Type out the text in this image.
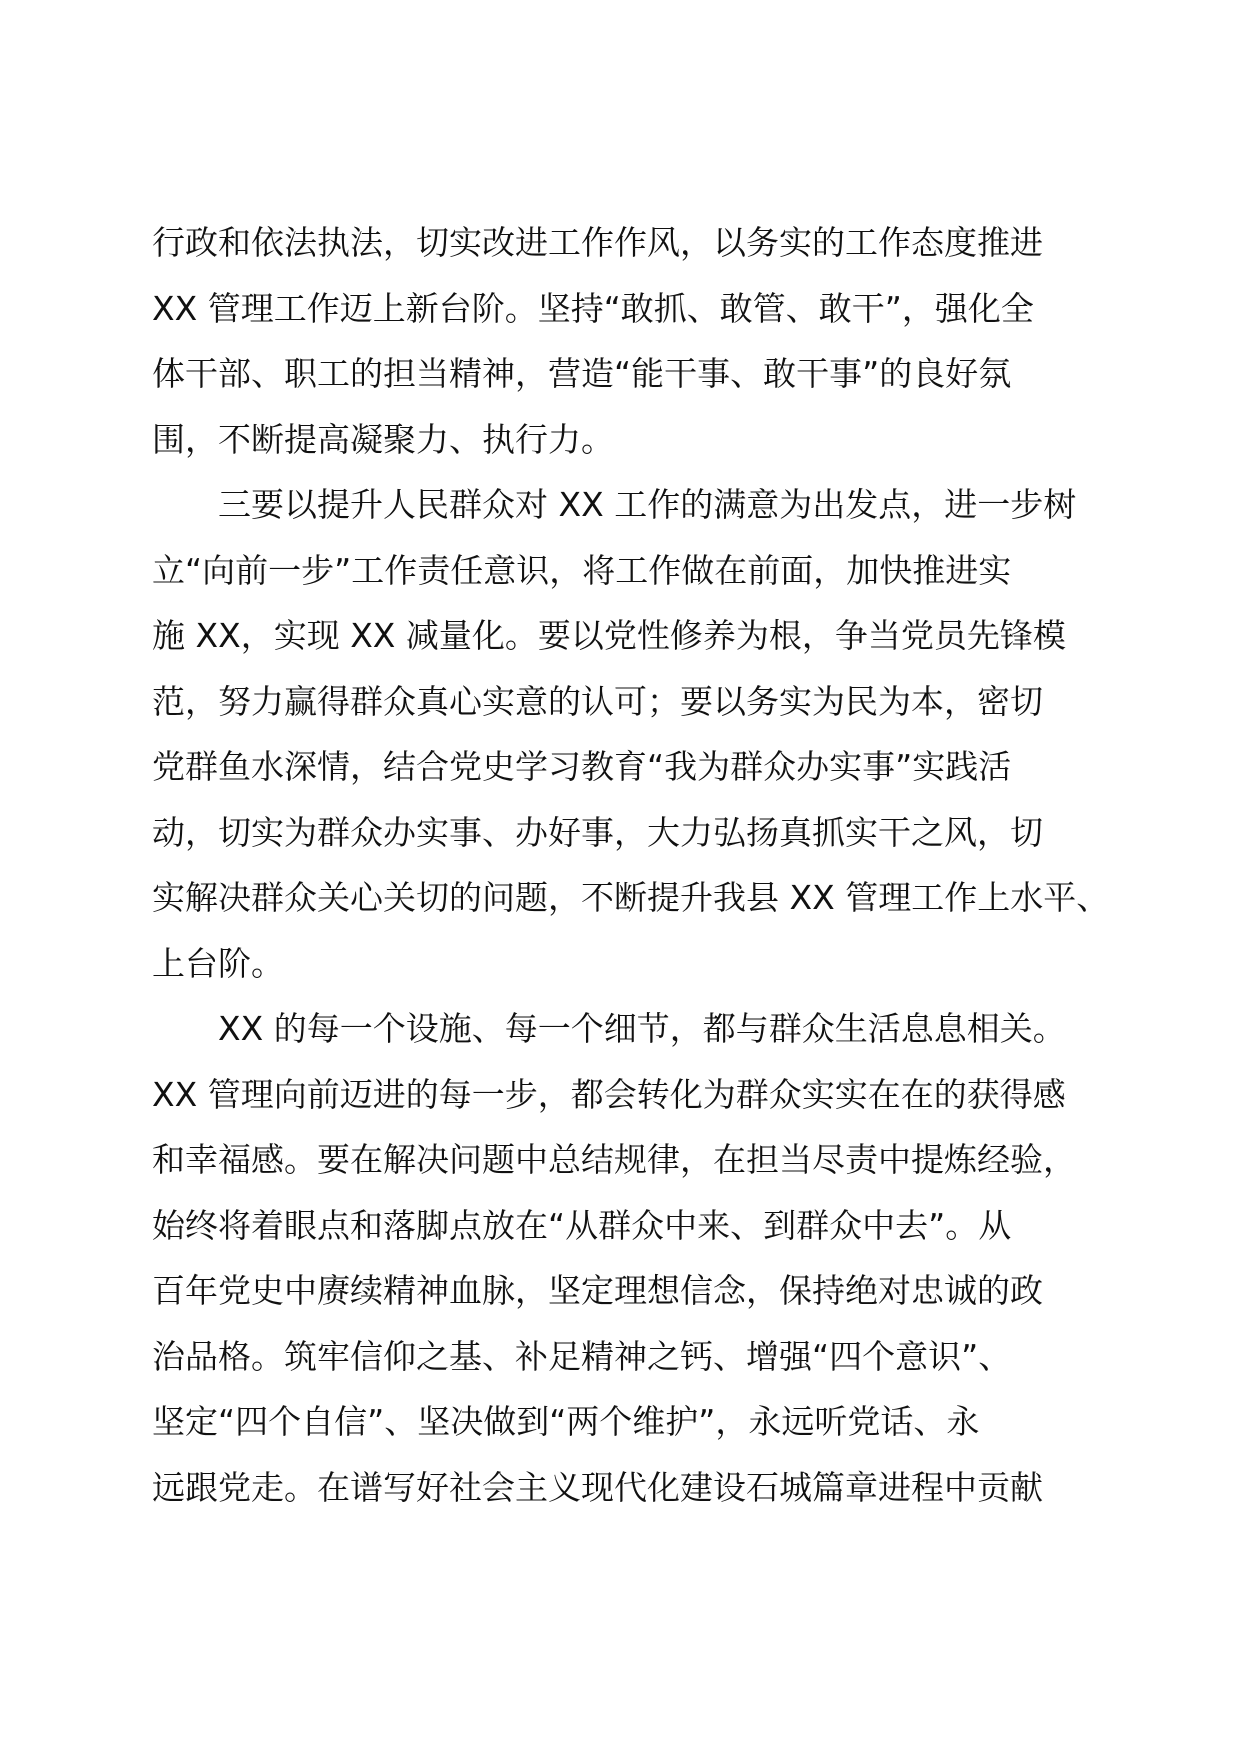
行政和依法执法，切实改进工作作风，以务实的工作态度推进
XX 管理工作迈上新台阶。坚持“敢抓、敢管、敢干”，强化全
体干部、职工的担当精神，营造“能干事、敢干事”的良好氛
围，不断提高凝聚力、执行力。
三要以提升人民群众对 XX 工作的满意为出发点，进一步树
立“向前一步”工作责任意识，将工作做在前面，加快推进实
施 XX，实现 XX 减量化。要以党性修养为根，争当党员先锋模
范，努力赢得群众真心实意的认可；要以务实为民为本，密切
党群鱼水深情，结合党史学习教育“我为群众办实事”实践活
动，切实为群众办实事、办好事，大力弘扬真抓实干之风，切
实解决群众关心关切的问题，不断提升我县 XX 管理工作上水平、
上台阶。
XX 的每一个设施、每一个细节，都与群众生活息息相关。
XX 管理向前迈进的每一步，都会转化为群众实实在在的获得感
和幸福感。要在解决问题中总结规律，在担当尽责中提炼经验，
始终将着眼点和落脚点放在“从群众中来、到群众中去”。从
百年党史中赓续精神血脉，坚定理想信念，保持绝对忠诚的政
治品格。筑牢信仰之基、补足精神之钙、增强“四个意识”、
坚定“四个自信”、坚决做到“两个维护”，永远听党话、永
远跟党走。在谱写好社会主义现代化建设石城篇章进程中贡献
